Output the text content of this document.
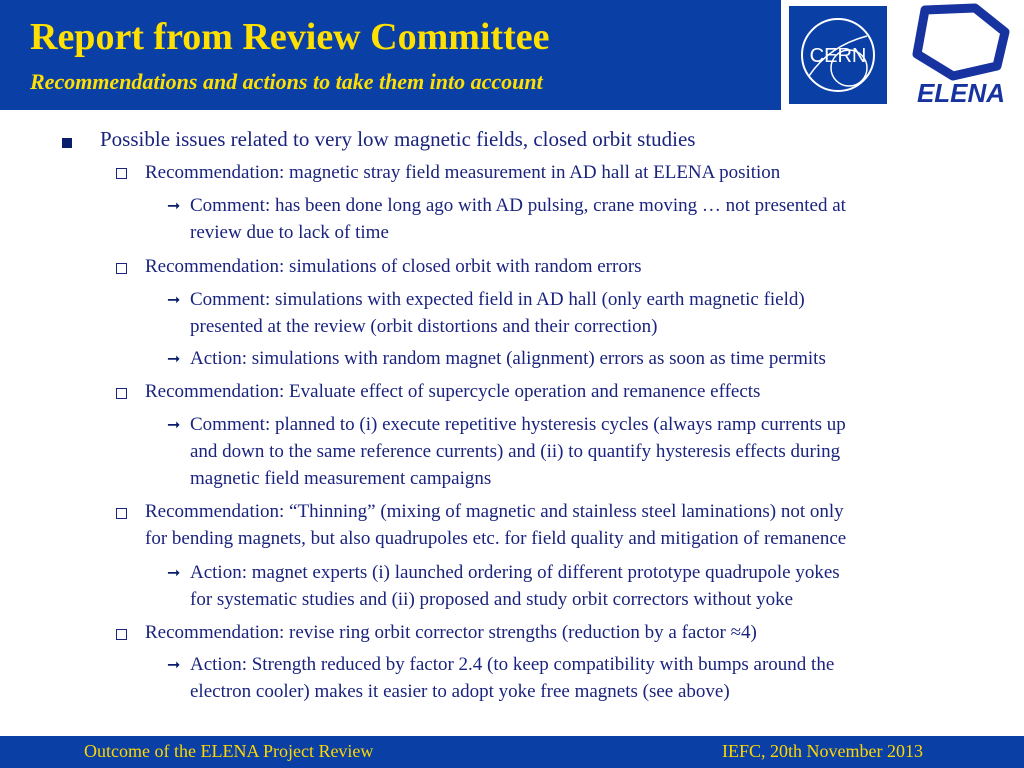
Report from Review Committee
Recommendations and actions to take them into account
CERN
ELENA
Possible issues related to very low magnetic fields, closed orbit studies
Recommendation: magnetic stray field measurement in AD hall at ELENA position
➞ Comment: has been done long ago with AD pulsing, crane moving … not presented at
review due to lack of time
Recommendation: simulations of closed orbit with random errors
➞ Comment: simulations with expected field in AD hall (only earth magnetic field)
presented at the review (orbit distortions and their correction)
➞ Action: simulations with random magnet (alignment) errors as soon as time permits
Recommendation: Evaluate effect of supercycle operation and remanence effects
➞ Comment: planned to (i) execute repetitive hysteresis cycles (always ramp currents up
and down to the same reference currents) and (ii) to quantify hysteresis effects during
magnetic field measurement campaigns
Recommendation: “Thinning” (mixing of magnetic and stainless steel laminations) not only
for bending magnets, but also quadrupoles etc. for field quality and mitigation of remanence
➞ Action: magnet experts (i) launched ordering of different prototype quadrupole yokes
for systematic studies and (ii) proposed and study orbit correctors without yoke
Recommendation: revise ring orbit corrector strengths (reduction by a factor ≈4)
➞ Action: Strength reduced by factor 2.4 (to keep compatibility with bumps around the
electron cooler) makes it easier to adopt yoke free magnets (see above)
Outcome of the ELENA Project Review	IEFC, 20th November 2013
